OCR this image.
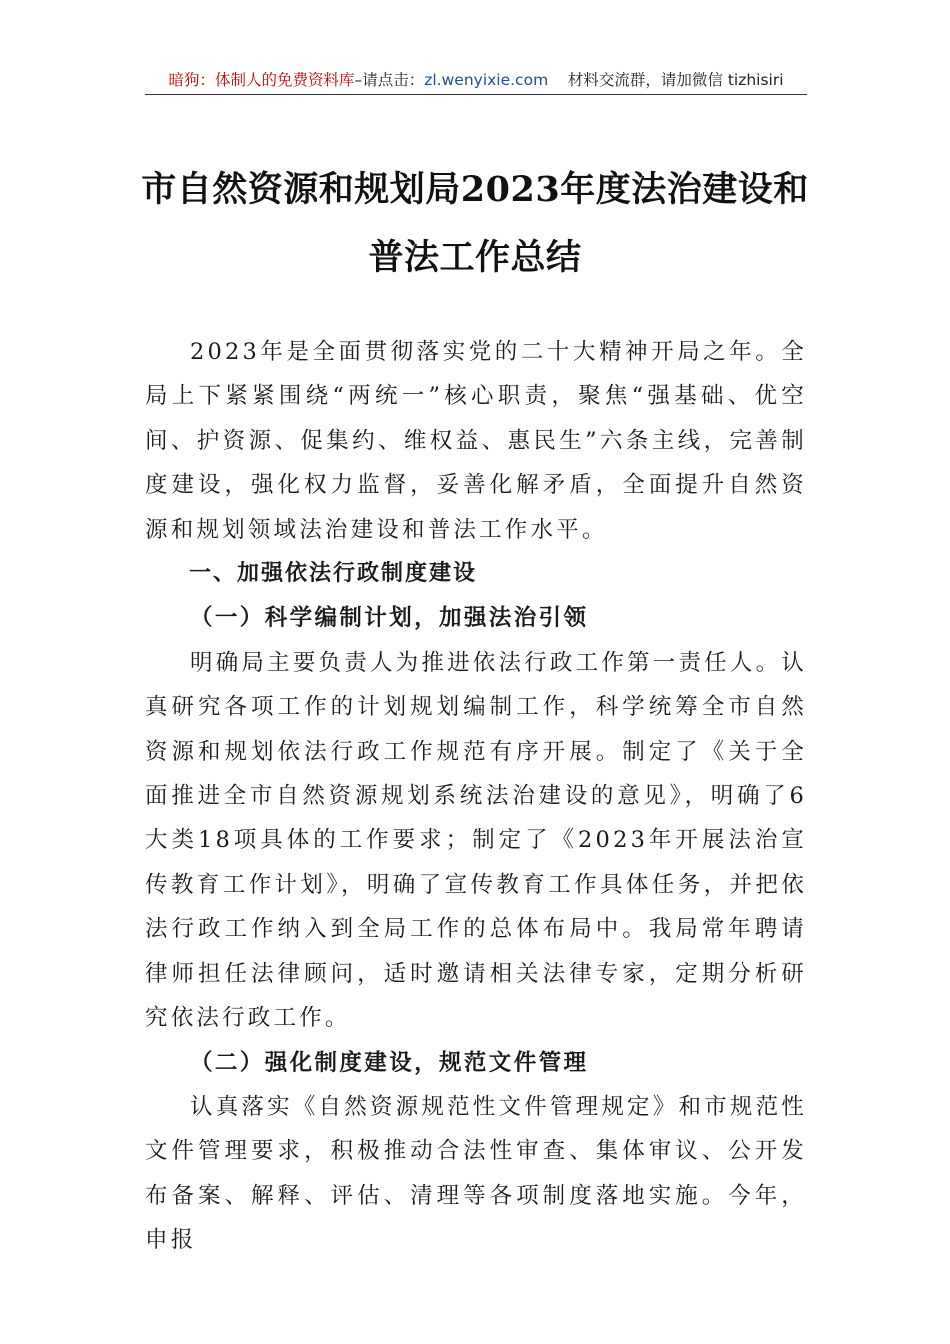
暗狗：体制人的免费资料库–请点击：zl.wenyixie.com 材料交流群，请加微信 tizhisiri
市自然资源和规划局2023年度法治建设和
普法工作总结

2023年是全面贯彻落实党的二十大精神开局之年。全局上下紧紧围绕“两统一”核心职责，聚焦“强基础、优空间、护资源、促集约、维权益、惠民生”六条主线，完善制度建设，强化权力监督，妥善化解矛盾，全面提升自然资源和规划领域法治建设和普法工作水平。

一、加强依法行政制度建设

（一）科学编制计划，加强法治引领

明确局主要负责人为推进依法行政工作第一责任人。认真研究各项工作的计划规划编制工作，科学统筹全市自然资源和规划依法行政工作规范有序开展。制定了《关于全面推进全市自然资源规划系统法治建设的意见》，明确了6大类18项具体的工作要求；制定了《2023年开展法治宣传教育工作计划》，明确了宣传教育工作具体任务，并把依法行政工作纳入到全局工作的总体布局中。我局常年聘请律师担任法律顾问，适时邀请相关法律专家，定期分析研究依法行政工作。

（二）强化制度建设，规范文件管理

认真落实《自然资源规范性文件管理规定》和市规范性文件管理要求，积极推动合法性审查、集体审议、公开发布备案、解释、评估、清理等各项制度落地实施。今年，申报
